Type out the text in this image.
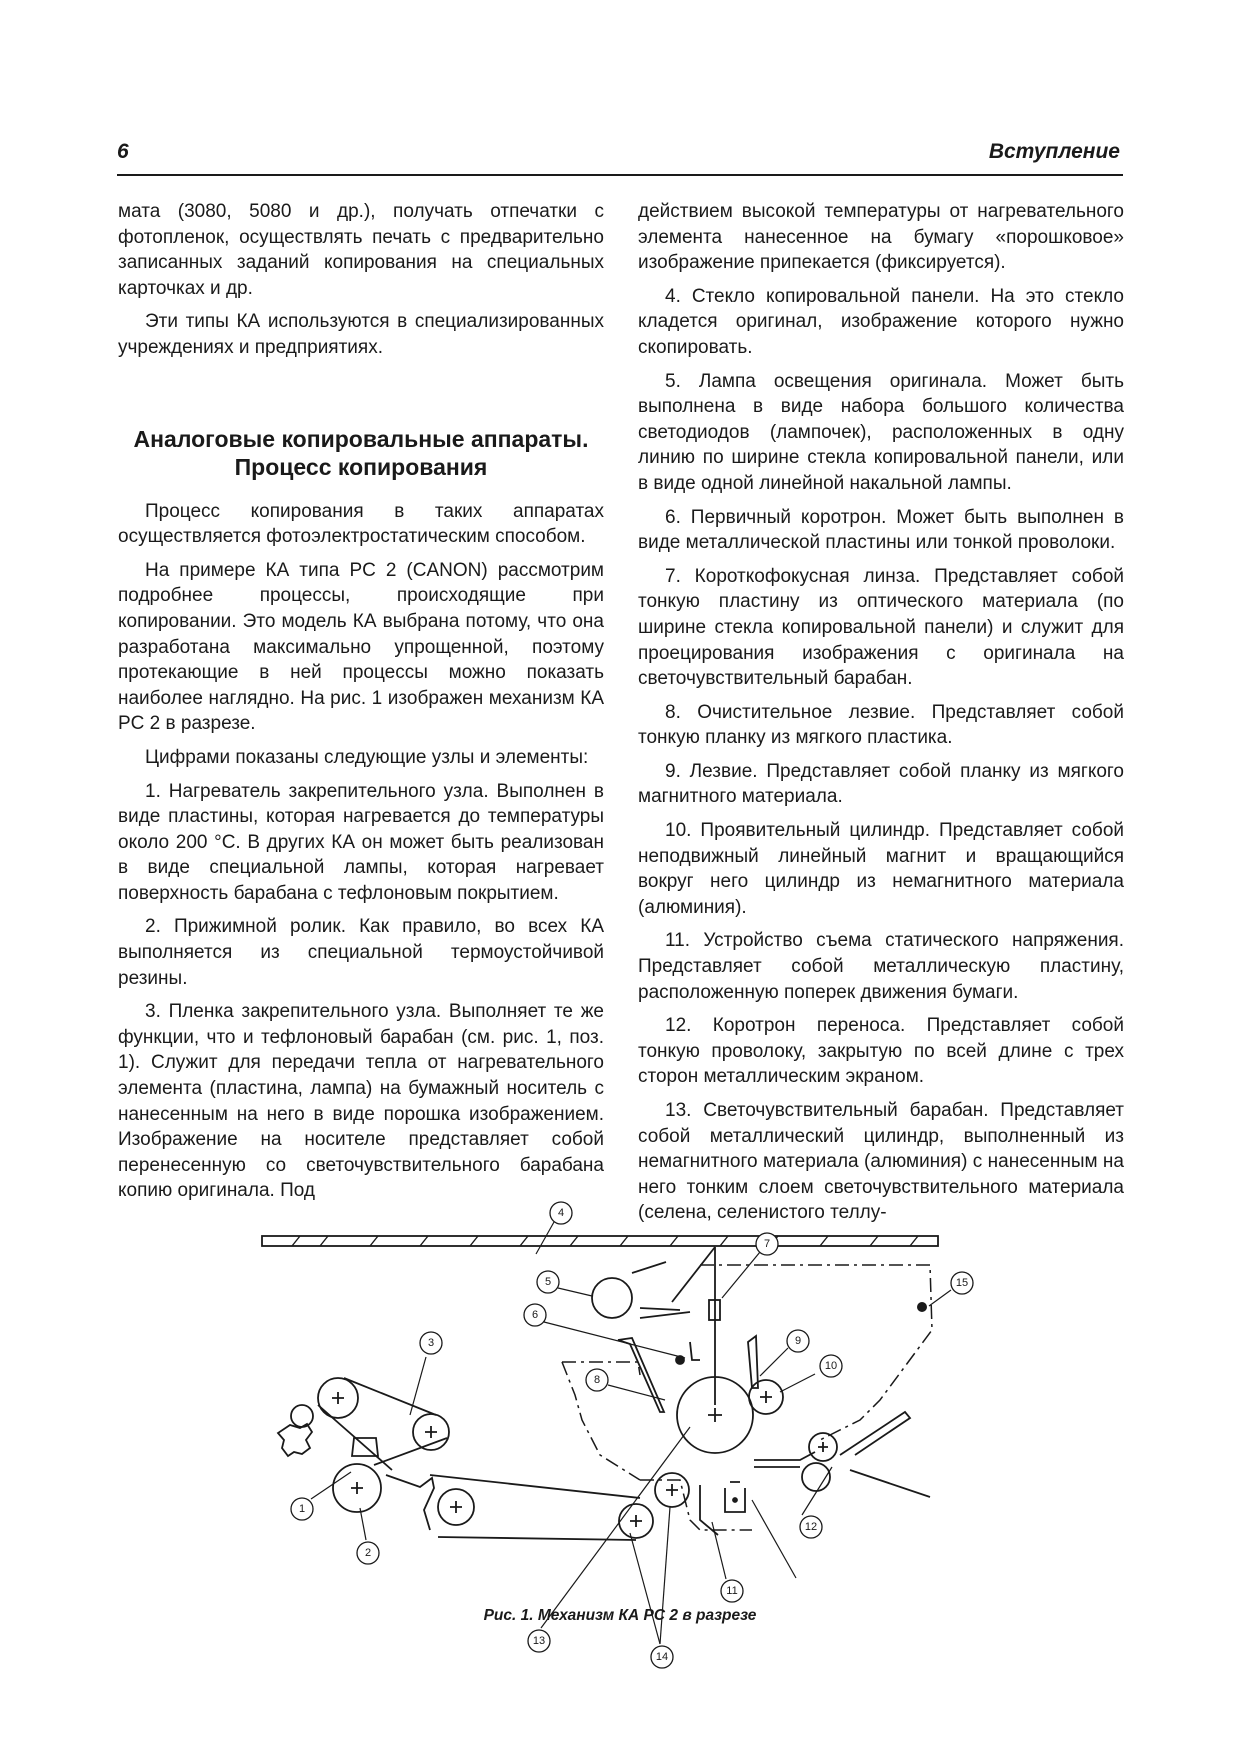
6	Вступление

мата (3080, 5080 и др.), получать отпечатки с фотопленок, осуществлять печать с предварительно записанных заданий копирования на специальных карточках и др.

Эти типы КА используются в специализированных учреждениях и предприятиях.

Аналоговые копировальные аппараты. Процесс копирования

Процесс копирования в таких аппаратах осуществляется фотоэлектростатическим способом.

На примере КА типа PC 2 (CANON) рассмотрим подробнее процессы, происходящие при копировании. Это модель КА выбрана потому, что она разработана максимально упрощенной, поэтому протекающие в ней процессы можно показать наиболее наглядно. На рис. 1 изображен механизм КА PC 2 в разрезе.

Цифрами показаны следующие узлы и элементы:

1. Нагреватель закрепительного узла. Выполнен в виде пластины, которая нагревается до температуры около 200 °С. В других КА он может быть реализован в виде специальной лампы, которая нагревает поверхность барабана с тефлоновым покрытием.

2. Прижимной ролик. Как правило, во всех КА выполняется из специальной термоустойчивой резины.

3. Пленка закрепительного узла. Выполняет те же функции, что и тефлоновый барабан (см. рис. 1, поз. 1). Служит для передачи тепла от нагревательного элемента (пластина, лампа) на бумажный носитель с нанесенным на него в виде порошка изображением. Изображение на носителе представляет собой перенесенную со светочувствительного барабана копию оригинала. Под

действием высокой температуры от нагревательного элемента нанесенное на бумагу «порошковое» изображение припекается (фиксируется).

4. Стекло копировальной панели. На это стекло кладется оригинал, изображение которого нужно скопировать.

5. Лампа освещения оригинала. Может быть выполнена в виде набора большого количества светодиодов (лампочек), расположенных в одну линию по ширине стекла копировальной панели, или в виде одной линейной накальной лампы.

6. Первичный коротрон. Может быть выполнен в виде металлической пластины или тонкой проволоки.

7. Короткофокусная линза. Представляет собой тонкую пластину из оптического материала (по ширине стекла копировальной панели) и служит для проецирования изображения с оригинала на светочувствительный барабан.

8. Очистительное лезвие. Представляет собой тонкую планку из мягкого пластика.

9. Лезвие. Представляет собой планку из мягкого магнитного материала.

10. Проявительный цилиндр. Представляет собой неподвижный линейный магнит и вращающийся вокруг него цилиндр из немагнитного материала (алюминия).

11. Устройство съема статического напряжения. Представляет собой металлическую пластину, расположенную поперек движения бумаги.

12. Коротрон переноса. Представляет собой тонкую проволоку, закрытую по всей длине с трех сторон металлическим экраном.

13. Светочувствительный барабан. Представляет собой металлический цилиндр, выполненный из немагнитного материала (алюминия) с нанесенным на него тонким слоем светочувствительного материала (селена, селенистого теллу-

4
5
6
7
15
9
10
8
3
1
2
13
14
11
12
Рис. 1. Механизм КА PC 2 в разрезе
